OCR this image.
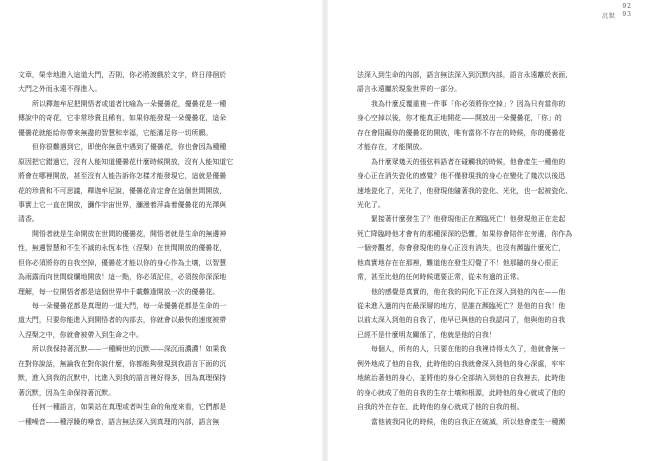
文章，榮幸地進入這道大門，否則，你必將渡戲於文字，終日徘徊於
大門之外而永遠不得進入。
所以釋迦牟尼把開悟者或道者比喻為一朵優曇花，優曇花是一種
傳說中的奇花，它非常珍貴且稀有，如果你能發現一朵優曇花，這朵
優曇花就能給你帶來無盡的智慧和幸福，它能滿足你一切所願。
但你很難遇到它，即使你無意中遇到了優曇花，你也會因為種種
原因把它錯過它，沒有人能知道優曇花什麼時候開放，沒有人能知道它
將會在哪裡開放，甚至沒有人能告訴你怎樣才能發現它，這就是優曇
花的珍貴和不可思議，釋迦牟尼說，優曇花肯定會在這個世間開放，
事實上它一直在開放，瀰作宇宙世界，瀰漫着萍淼着優曇花的光澤與
清香。
開悟者就是生命開放在世間的優曇花，開悟者就是生命的無邊神
性，無邊智慧和不生不滅的永恆本性（涅槃）在世間開放的優曇花，
但你必須將你的自我空掉，優曇花才能以你的身心作為土壤，以智慧
為雨露而向世間綻爛地開放！這一點，你必須記住，必須按你深深地
理解，每一位開悟者都是這個世界中千載難逢開放一次的優曇花。
每一朵優曇花都是真理的一道大門，每一朵優曇花都是生命的一
道大門，只要你能進入到開悟者的內部去，你就會以最快的速度被帶
入涅槃之中，你就會被帶入到生命之中。
所以我保持著沉默——一種瞬世的沉默——深沉而濃濃！如果我
在對你說話，無論我在對你說什麼，你都能夠發現到我語言下面的沉
默，進入到我的沉默中，比進入到我的語言裡好得多，因為真理保持
著沉默，因為生命保持著沉默。
任何一種語言，如果站在真理或者叫生命的角度來看，它們都是
一種噪音——種浮躁的噪音，語言無法深入到真理的內部，語言無
92
沉默 93
法深入到生命的內部，語言無法深入到沉默內部，語言永遠離於表面，
語言永遠屬於現象世界的一部分。
我為什麼反覆重複一件事「你必須將你空掉」？因為只有當你的
身心空掉以後，你才能真正地開花——開放出一朵優曇花，「你」的
存在會阻礙你的優曇花的開放，唯有當你不存在的時候，你的優曇花
才能存在，才能開放。
為什麼眾幾天的張弦料語者在碰觸我的時候，他會產生一種他的
身心正在消失瓷化的感覺？他不僅發現我的身心在變化了幾次以後迅
速地瓷化了，光化了，他發現他隨著我的瓷化、光化，也一起被瓷化、
光化了。
緊接著什麼發生了？他發現他正在瀕臨死亡！他發現他正在走起
死亡降臨時他才會有的那種深深的恐懼，如果你會陪伴在旁邊，你作為
一個旁觀者，你會發現他的身心正沒有消失，也沒有瀕臨什麼死亡，
他真實地存在在那裡，難道他在發生幻覺了不！他那隨的身心很正
常，甚至比他的任何時候還要正常，從未有過的正常。
他的感覺是真實的，他在我的同化下正在深入到他的內在——他
從未進入過的內在最深層的地方，是誰在瀕臨死亡？是他的自我！他
以前太深入到他的自我了，他早已與他的自我認同了，他與他的自我
已經不是什麼明友關係了，他就是他的自我！
每個人，所有的人，只要在他的自我裡待得太久了，他就會無一
例外地成了他的自我，此時他的自我就會深入到他的身心深處，牢牢
地統治著他的身心，並將他的身心全部納入到他的自我裡去，此時他
的身心就成了他的自我的生存土壤和根源，此時他的身心就成了他的
自我的外在存在，此時他的身心就成了他的自我的根。
當他被我同化的時候，他的自我正在破滅，所以他會產生一種瀕
